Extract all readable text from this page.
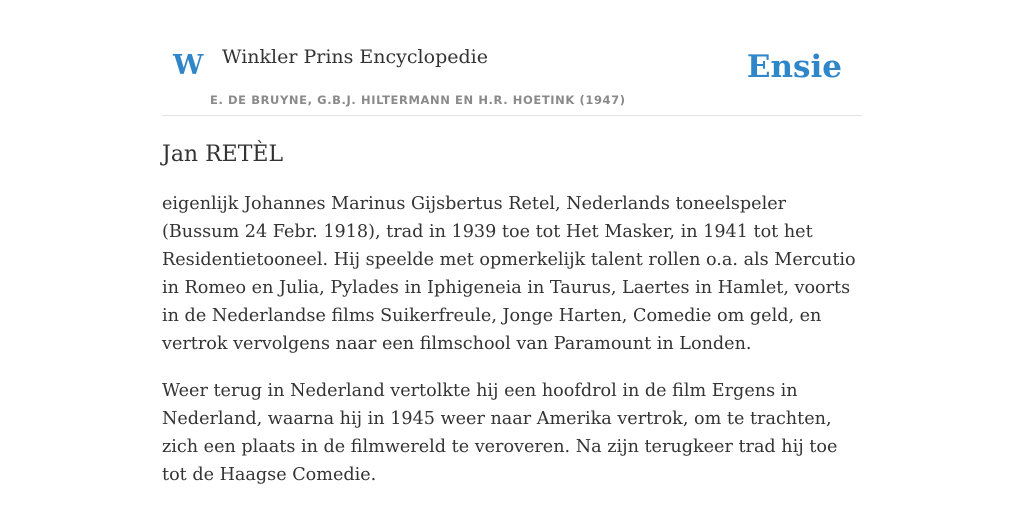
W Winkler Prins Encyclopedie
E. DE BRUYNE, G.B.J. HILTERMANN EN H.R. HOETINK (1947)
Ensie
Jan RETÈL

eigenlijk Johannes Marinus Gijsbertus Retel, Nederlands toneelspeler (Bussum 24 Febr. 1918), trad in 1939 toe tot Het Masker, in 1941 tot het Residentietooneel. Hij speelde met opmerkelijk talent rollen o.a. als Mercutio in Romeo en Julia, Pylades in Iphigeneia in Taurus, Laertes in Hamlet, voorts in de Nederlandse films Suikerfreule, Jonge Harten, Comedie om geld, en vertrok vervolgens naar een filmschool van Paramount in Londen.

Weer terug in Nederland vertolkte hij een hoofdrol in de film Ergens in Nederland, waarna hij in 1945 weer naar Amerika vertrok, om te trachten, zich een plaats in de filmwereld te veroveren. Na zijn terugkeer trad hij toe tot de Haagse Comedie.
